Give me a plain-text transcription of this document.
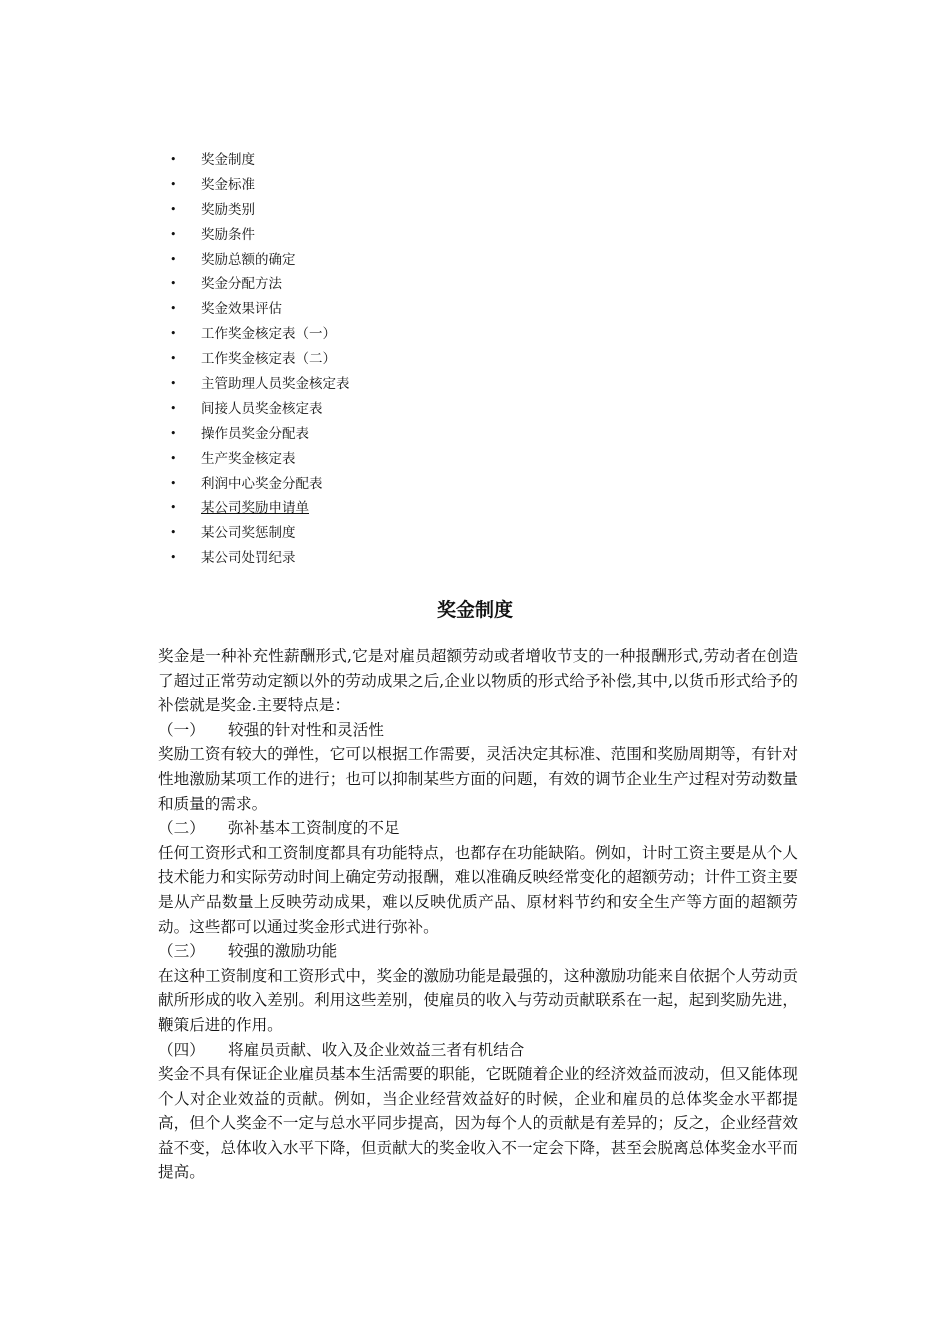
• 奖金制度
• 奖金标准
• 奖励类别
• 奖励条件
• 奖励总额的确定
• 奖金分配方法
• 奖金效果评估
• 工作奖金核定表（一）
• 工作奖金核定表（二）
• 主管助理人员奖金核定表
• 间接人员奖金核定表
• 操作员奖金分配表
• 生产奖金核定表
• 利润中心奖金分配表
• 某公司奖励申请单
• 某公司奖惩制度
• 某公司处罚纪录
奖金制度

奖金是一种补充性薪酬形式,它是对雇员超额劳动或者增收节支的一种报酬形式,劳动者在创造了超过正常劳动定额以外的劳动成果之后,企业以物质的形式给予补偿,其中,以货币形式给予的补偿就是奖金.主要特点是：

（一） 较强的针对性和灵活性

奖励工资有较大的弹性，它可以根据工作需要，灵活决定其标准、范围和奖励周期等，有针对性地激励某项工作的进行；也可以抑制某些方面的问题，有效的调节企业生产过程对劳动数量和质量的需求。

（二） 弥补基本工资制度的不足

任何工资形式和工资制度都具有功能特点，也都存在功能缺陷。例如，计时工资主要是从个人技术能力和实际劳动时间上确定劳动报酬，难以准确反映经常变化的超额劳动；计件工资主要是从产品数量上反映劳动成果，难以反映优质产品、原材料节约和安全生产等方面的超额劳动。这些都可以通过奖金形式进行弥补。

（三） 较强的激励功能

在这种工资制度和工资形式中，奖金的激励功能是最强的，这种激励功能来自依据个人劳动贡献所形成的收入差别。利用这些差别，使雇员的收入与劳动贡献联系在一起，起到奖励先进，鞭策后进的作用。

（四） 将雇员贡献、收入及企业效益三者有机结合

奖金不具有保证企业雇员基本生活需要的职能，它既随着企业的经济效益而波动，但又能体现个人对企业效益的贡献。例如，当企业经营效益好的时候，企业和雇员的总体奖金水平都提高，但个人奖金不一定与总水平同步提高，因为每个人的贡献是有差异的；反之，企业经营效益不变，总体收入水平下降，但贡献大的奖金收入不一定会下降，甚至会脱离总体奖金水平而提高。
